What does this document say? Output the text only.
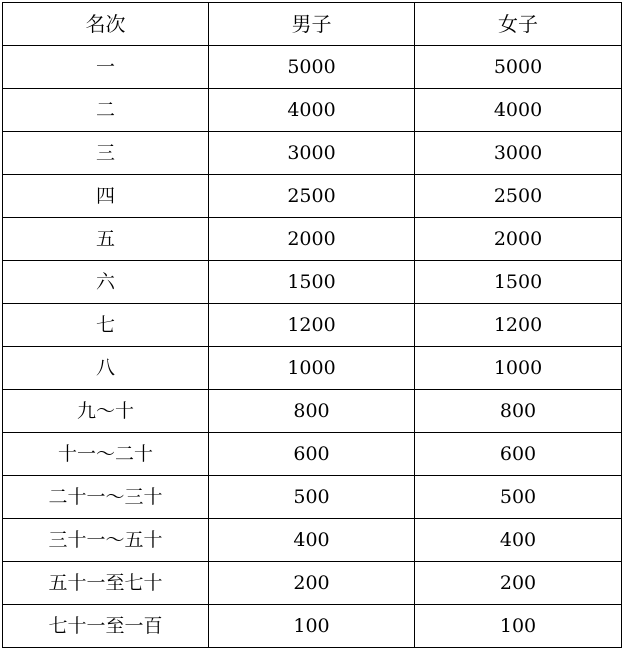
名次	男子	女子
一	5000	5000
二	4000	4000
三	3000	3000
四	2500	2500
五	2000	2000
六	1500	1500
七	1200	1200
八	1000	1000
九～十	800	800
十一～二十	600	600
二十一～三十	500	500
三十一～五十	400	400
五十一至七十	200	200
七十一至一百	100	100
